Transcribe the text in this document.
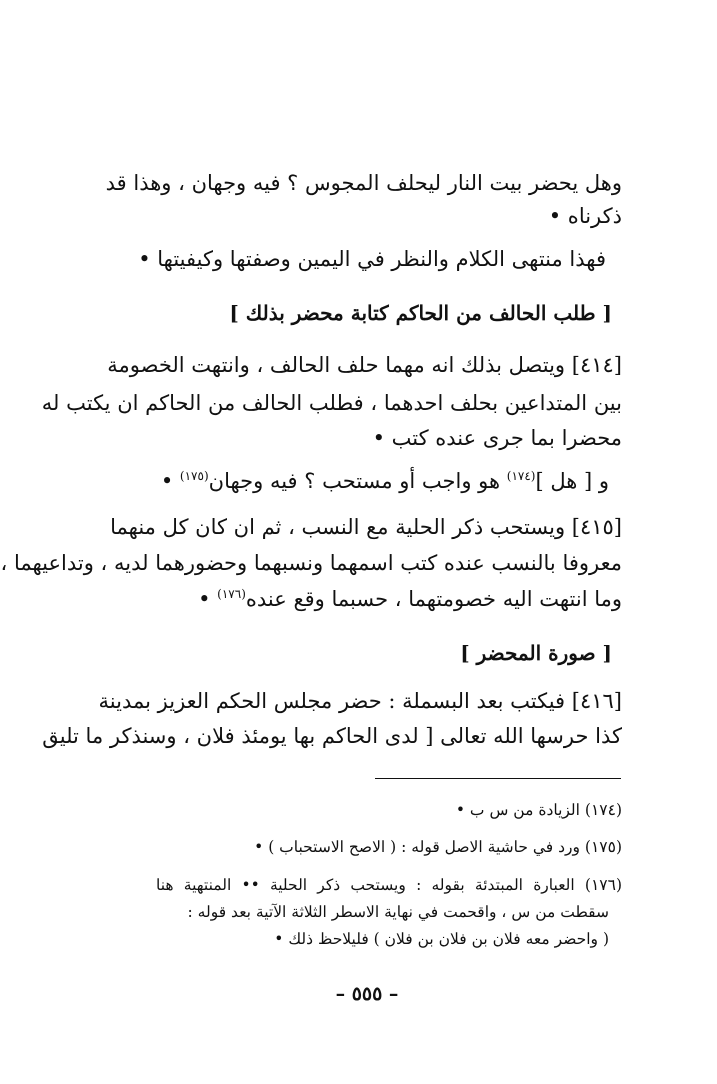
وهل يحضر بيت النار ليحلف المجوس ؟ فيه وجهان ، وهذا قد
ذكرناه •
فهذا منتهى الكلام والنظر في اليمين وصفتها وكيفيتها •
[ طلب الحالف من الحاكم كتابة محضر بذلك ]
[٤١٤] ويتصل بذلك انه مهما حلف الحالف ، وانتهت الخصومة
بين المتداعين بحلف احدهما ، فطلب الحالف من الحاكم ان يكتب له
محضرا بما جرى عنده كتب •
و [ هل ]$^{(١٧٤)}$ هو واجب أو مستحب ؟ فيه وجهان$^{(١٧٥)}$ •
[٤١٥] ويستحب ذكر الحلية مع النسب ، ثم ان كان كل منهما
معروفا بالنسب عنده كتب اسمهما ونسبهما وحضورهما لديه ، وتداعيهما ،
وما انتهت اليه خصومتهما ، حسبما وقع عنده$^{(١٧٦)}$ •
[ صورة المحضر ]
[٤١٦] فيكتب بعد البسملة : حضر مجلس الحكم العزيز بمدينة
كذا حرسها الله تعالى [ لدى الحاكم بها يومئذ فلان ، وسنذكر ما تليق
(١٧٤) الزيادة من س ب •
(١٧٥) ورد في حاشية الاصل قوله : ( الاصح الاستحباب ) •
(١٧٦) العبارة المبتدئة بقوله : ويستحب ذكر الحلية •• المنتهية هنا
سقطت من س ، واقحمت في نهاية الاسطر الثلاثة الآتية بعد قوله :
( واحضر معه فلان بن فلان بن فلان ) فليلاحظ ذلك •
– ٥٥٥ –
